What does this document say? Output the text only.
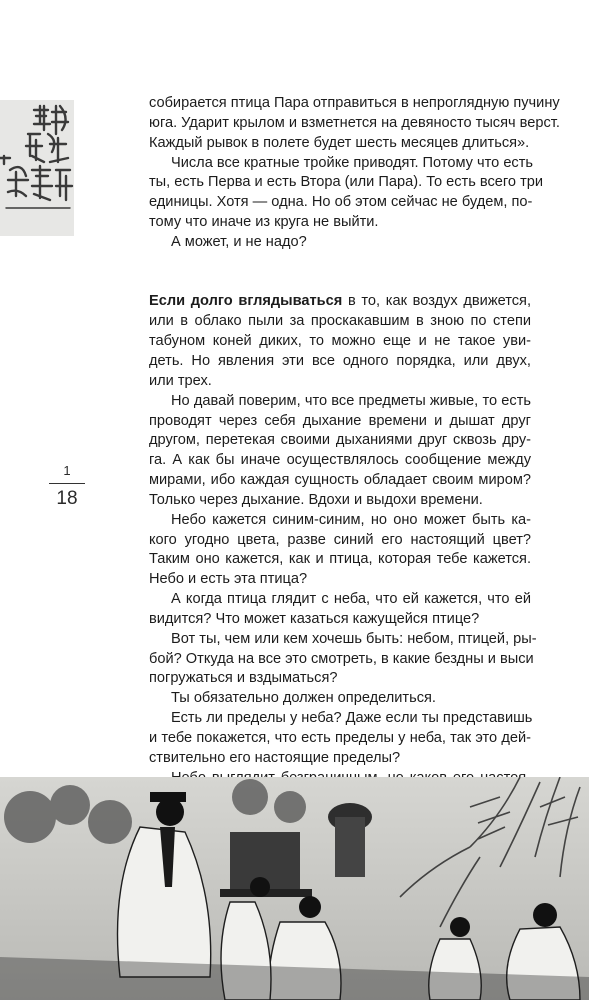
1
18
собирается птица Пара отправиться в непроглядную пучину
юга. Ударит крылом и взметнется на девяносто тысяч верст.
Каждый рывок в полете будет шесть месяцев длиться».
Числа все кратные тройке приводят. Потому что есть
ты, есть Перва и есть Втора (или Пара). То есть всего три
единицы. Хотя — одна. Но об этом сейчас не будем, по-
тому что иначе из круга не выйти.
А может, и не надо?
Если долго вглядываться в то, как воздух движется,
или в облако пыли за проскакавшим в зною по степи
табуном коней диких, то можно еще и не такое уви-
деть. Но явления эти все одного порядка, или двух,
или трех.
Но давай поверим, что все предметы живые, то есть
проводят через себя дыхание времени и дышат друг
другом, перетекая своими дыханиями друг сквозь дру-
га. А как бы иначе осуществлялось сообщение между
мирами, ибо каждая сущность обладает своим миром?
Только через дыхание. Вдохи и выдохи времени.
Небо кажется синим-синим, но оно может быть ка-
кого угодно цвета, разве синий его настоящий цвет?
Таким оно кажется, как и птица, которая тебе кажется.
Небо и есть эта птица?
А когда птица глядит с неба, что ей кажется, что ей
видится? Что может казаться кажущейся птице?
Вот ты, чем или кем хочешь быть: небом, птицей, ры-
бой? Откуда на все это смотреть, в какие бездны и выси
погружаться и вздыматься?
Ты обязательно должен определиться.
Есть ли пределы у неба? Даже если ты представишь
и тебе покажется, что есть пределы у неба, так это дей-
ствительно его настоящие пределы?
